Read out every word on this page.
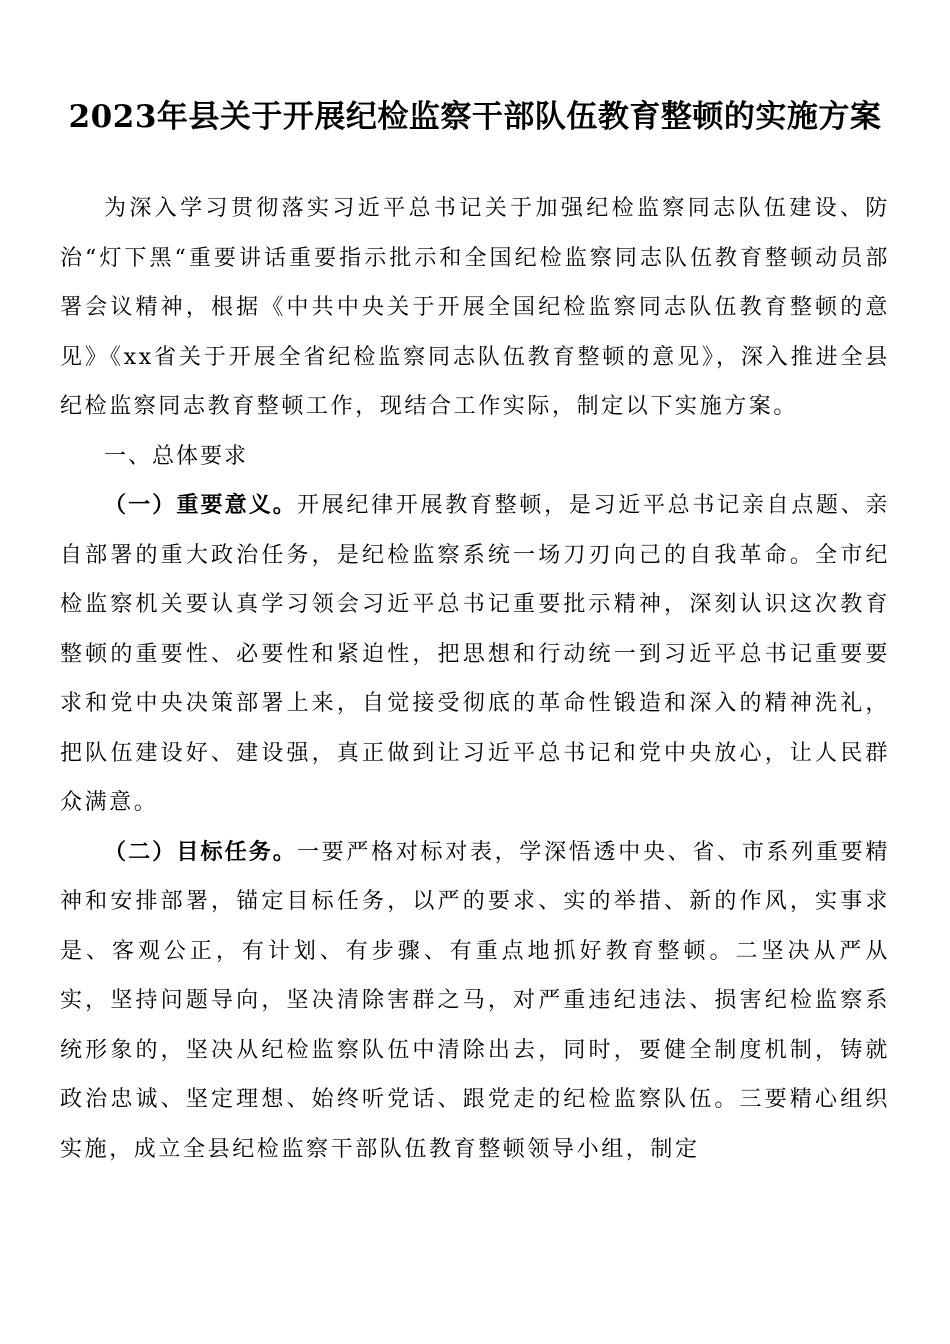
2023年县关于开展纪检监察干部队伍教育整顿的实施方案

为深入学习贯彻落实习近平总书记关于加强纪检监察同志队伍建设、防治“灯下黑“重要讲话重要指示批示和全国纪检监察同志队伍教育整顿动员部署会议精神，根据《中共中央关于开展全国纪检监察同志队伍教育整顿的意见》《xx省关于开展全省纪检监察同志队伍教育整顿的意见》，深入推进全县纪检监察同志教育整顿工作，现结合工作实际，制定以下实施方案。

一、总体要求

（一）重要意义。开展纪律开展教育整顿，是习近平总书记亲自点题、亲自部署的重大政治任务，是纪检监察系统一场刀刃向己的自我革命。全市纪检监察机关要认真学习领会习近平总书记重要批示精神，深刻认识这次教育整顿的重要性、必要性和紧迫性，把思想和行动统一到习近平总书记重要要求和党中央决策部署上来，自觉接受彻底的革命性锻造和深入的精神洗礼，把队伍建设好、建设强，真正做到让习近平总书记和党中央放心，让人民群众满意。

（二）目标任务。一要严格对标对表，学深悟透中央、省、市系列重要精神和安排部署，锚定目标任务，以严的要求、实的举措、新的作风，实事求是、客观公正，有计划、有步骤、有重点地抓好教育整顿。二坚决从严从实，坚持问题导向，坚决清除害群之马，对严重违纪违法、损害纪检监察系统形象的，坚决从纪检监察队伍中清除出去，同时，要健全制度机制，铸就政治忠诚、坚定理想、始终听党话、跟党走的纪检监察队伍。三要精心组织实施，成立全县纪检监察干部队伍教育整顿领导小组，制定
